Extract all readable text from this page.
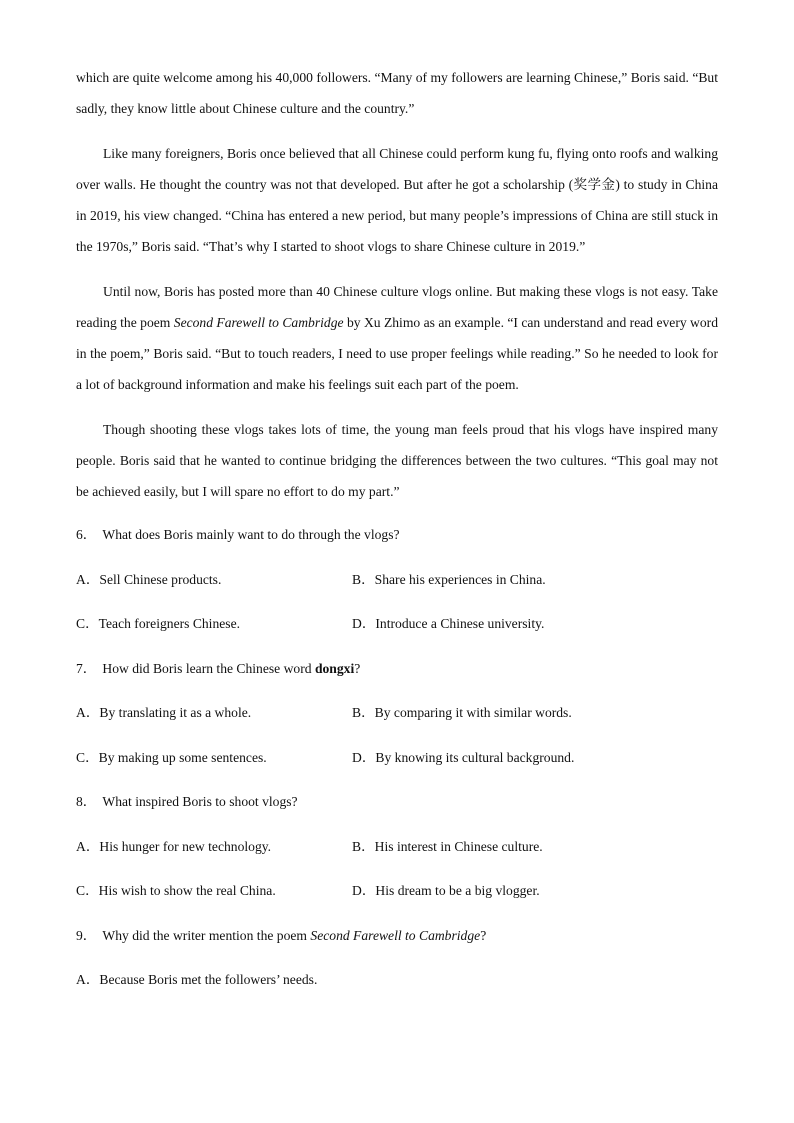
which are quite welcome among his 40,000 followers. “Many of my followers are learning Chinese,” Boris said. “But sadly, they know little about Chinese culture and the country.”

Like many foreigners, Boris once believed that all Chinese could perform kung fu, flying onto roofs and walking over walls. He thought the country was not that developed. But after he got a scholarship (奖学金) to study in China in 2019, his view changed. “China has entered a new period, but many people’s impressions of China are still stuck in the 1970s,” Boris said. “That’s why I started to shoot vlogs to share Chinese culture in 2019.”

Until now, Boris has posted more than 40 Chinese culture vlogs online. But making these vlogs is not easy. Take reading the poem Second Farewell to Cambridge by Xu Zhimo as an example. “I can understand and read every word in the poem,” Boris said. “But to touch readers, I need to use proper feelings while reading.” So he needed to look for a lot of background information and make his feelings suit each part of the poem.

Though shooting these vlogs takes lots of time, the young man feels proud that his vlogs have inspired many people. Boris said that he wanted to continue bridging the differences between the two cultures. “This goal may not be achieved easily, but I will spare no effort to do my part.”

6． What does Boris mainly want to do through the vlogs?
A．Sell Chinese products.	B．Share his experiences in China.
C．Teach foreigners Chinese.	D．Introduce a Chinese university.
7． How did Boris learn the Chinese word dongxi?
A．By translating it as a whole.	B．By comparing it with similar words.
C．By making up some sentences.	D．By knowing its cultural background.
8． What inspired Boris to shoot vlogs?
A．His hunger for new technology.	B．His interest in Chinese culture.
C．His wish to show the real China.	D．His dream to be a big vlogger.
9． Why did the writer mention the poem Second Farewell to Cambridge?
A．Because Boris met the followers’ needs.
